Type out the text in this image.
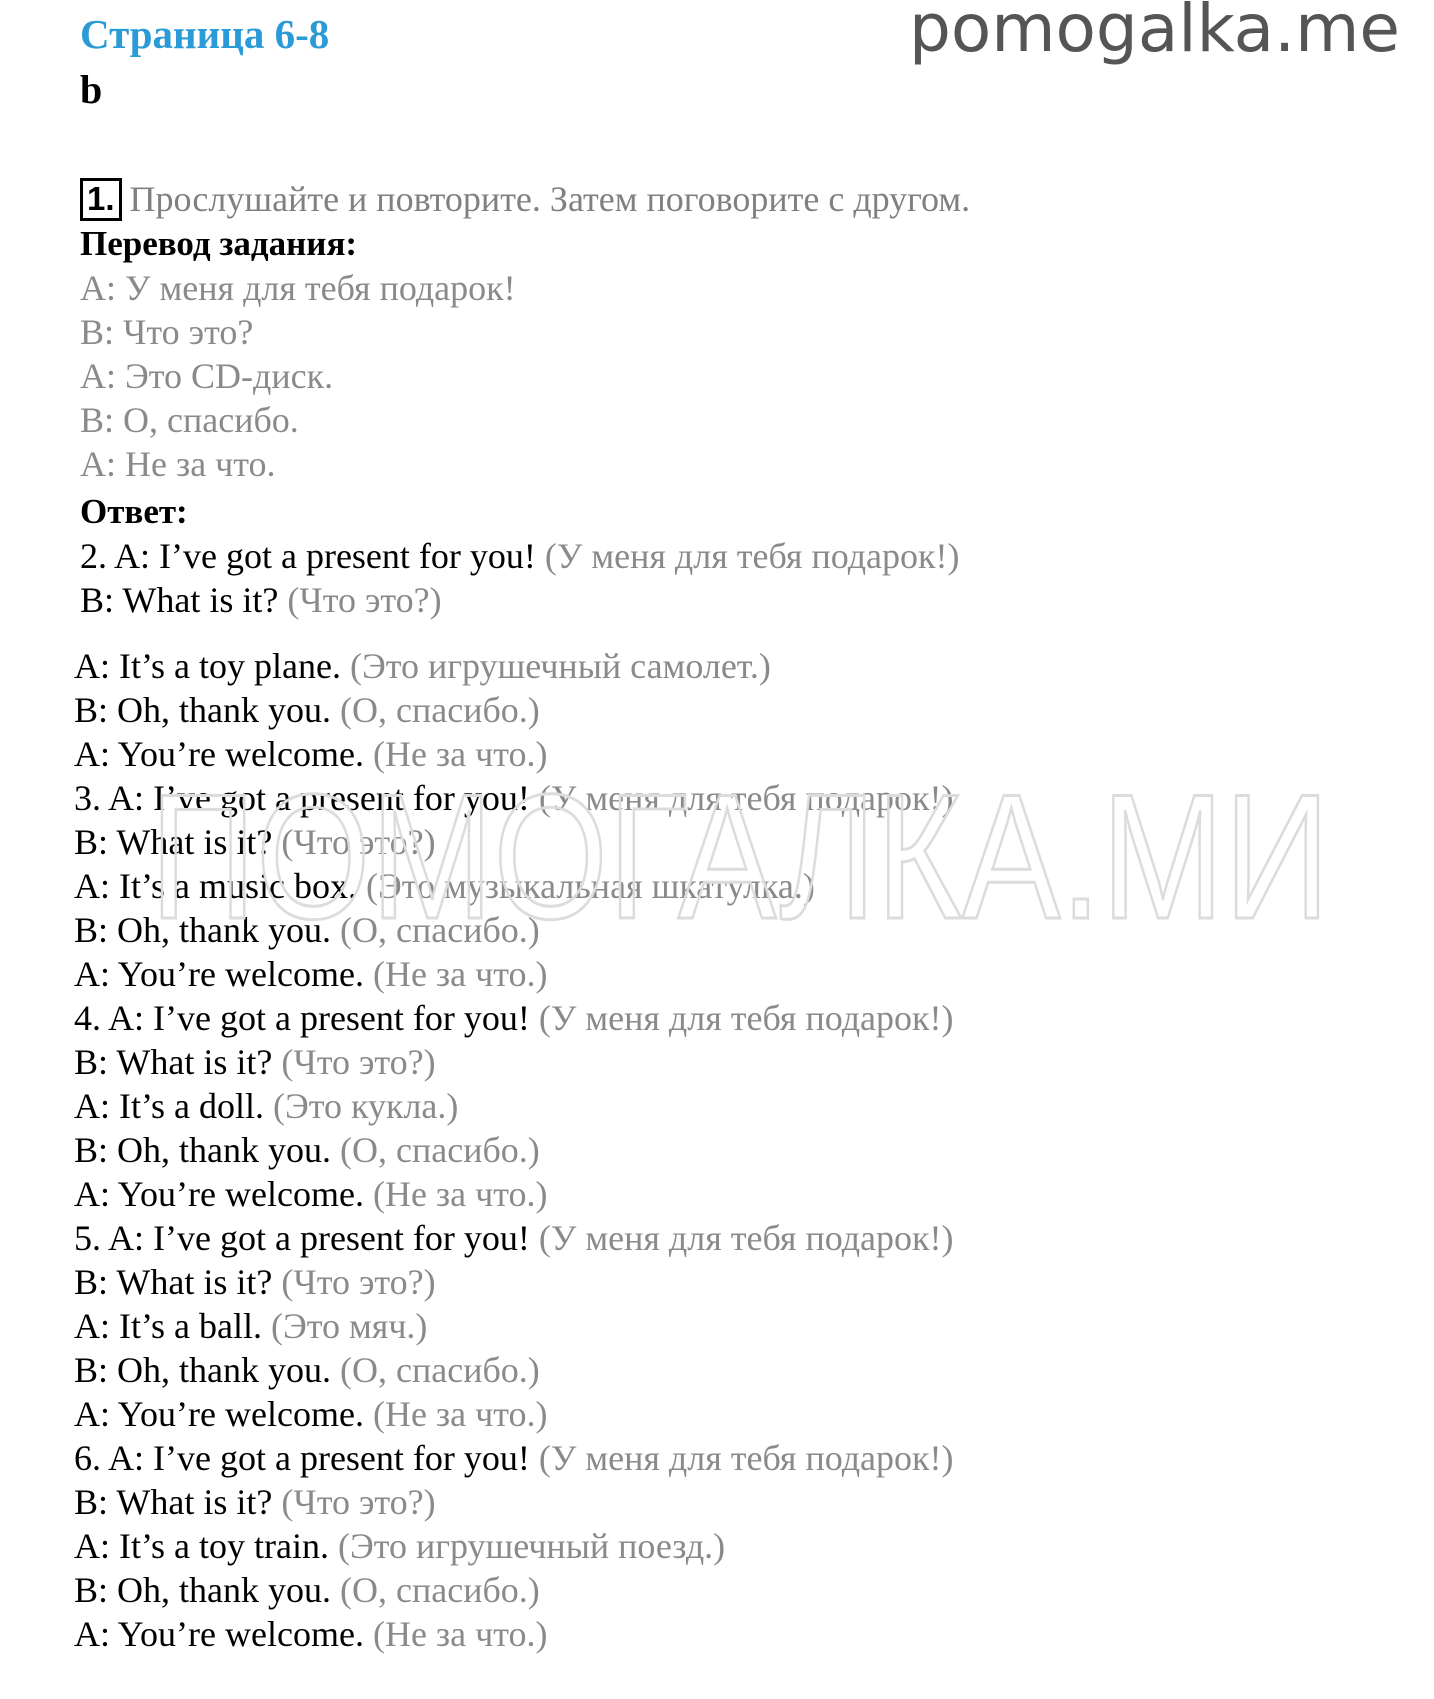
Страница 6-8	pomogalka.me
b
1. Прослушайте и повторите. Затем поговорите с другом.
Перевод задания:
A: У меня для тебя подарок!
B: Что это?
A: Это CD-диск.
B: О, спасибо.
A: Не за что.
Ответ:
2. A: I’ve got a present for you! (У меня для тебя подарок!)
B: What is it? (Что это?)
A: It’s a toy plane. (Это игрушечный самолет.)
B: Oh, thank you. (О, спасибо.)
A: You’re welcome. (Не за что.)
3. A: I’ve got a present for you! (У меня для тебя подарок!)
B: What is it? (Что это?)
A: It’s a music box. (Это музыкальная шкатулка.)
B: Oh, thank you. (О, спасибо.)
A: You’re welcome. (Не за что.)
4. A: I’ve got a present for you! (У меня для тебя подарок!)
B: What is it? (Что это?)
A: It’s a doll. (Это кукла.)
B: Oh, thank you. (О, спасибо.)
A: You’re welcome. (Не за что.)
5. A: I’ve got a present for you! (У меня для тебя подарок!)
B: What is it? (Что это?)
A: It’s a ball. (Это мяч.)
B: Oh, thank you. (О, спасибо.)
A: You’re welcome. (Не за что.)
6. A: I’ve got a present for you! (У меня для тебя подарок!)
B: What is it? (Что это?)
A: It’s a toy train. (Это игрушечный поезд.)
B: Oh, thank you. (О, спасибо.)
A: You’re welcome. (Не за что.)
ПОМОГАЛКА.МИ
